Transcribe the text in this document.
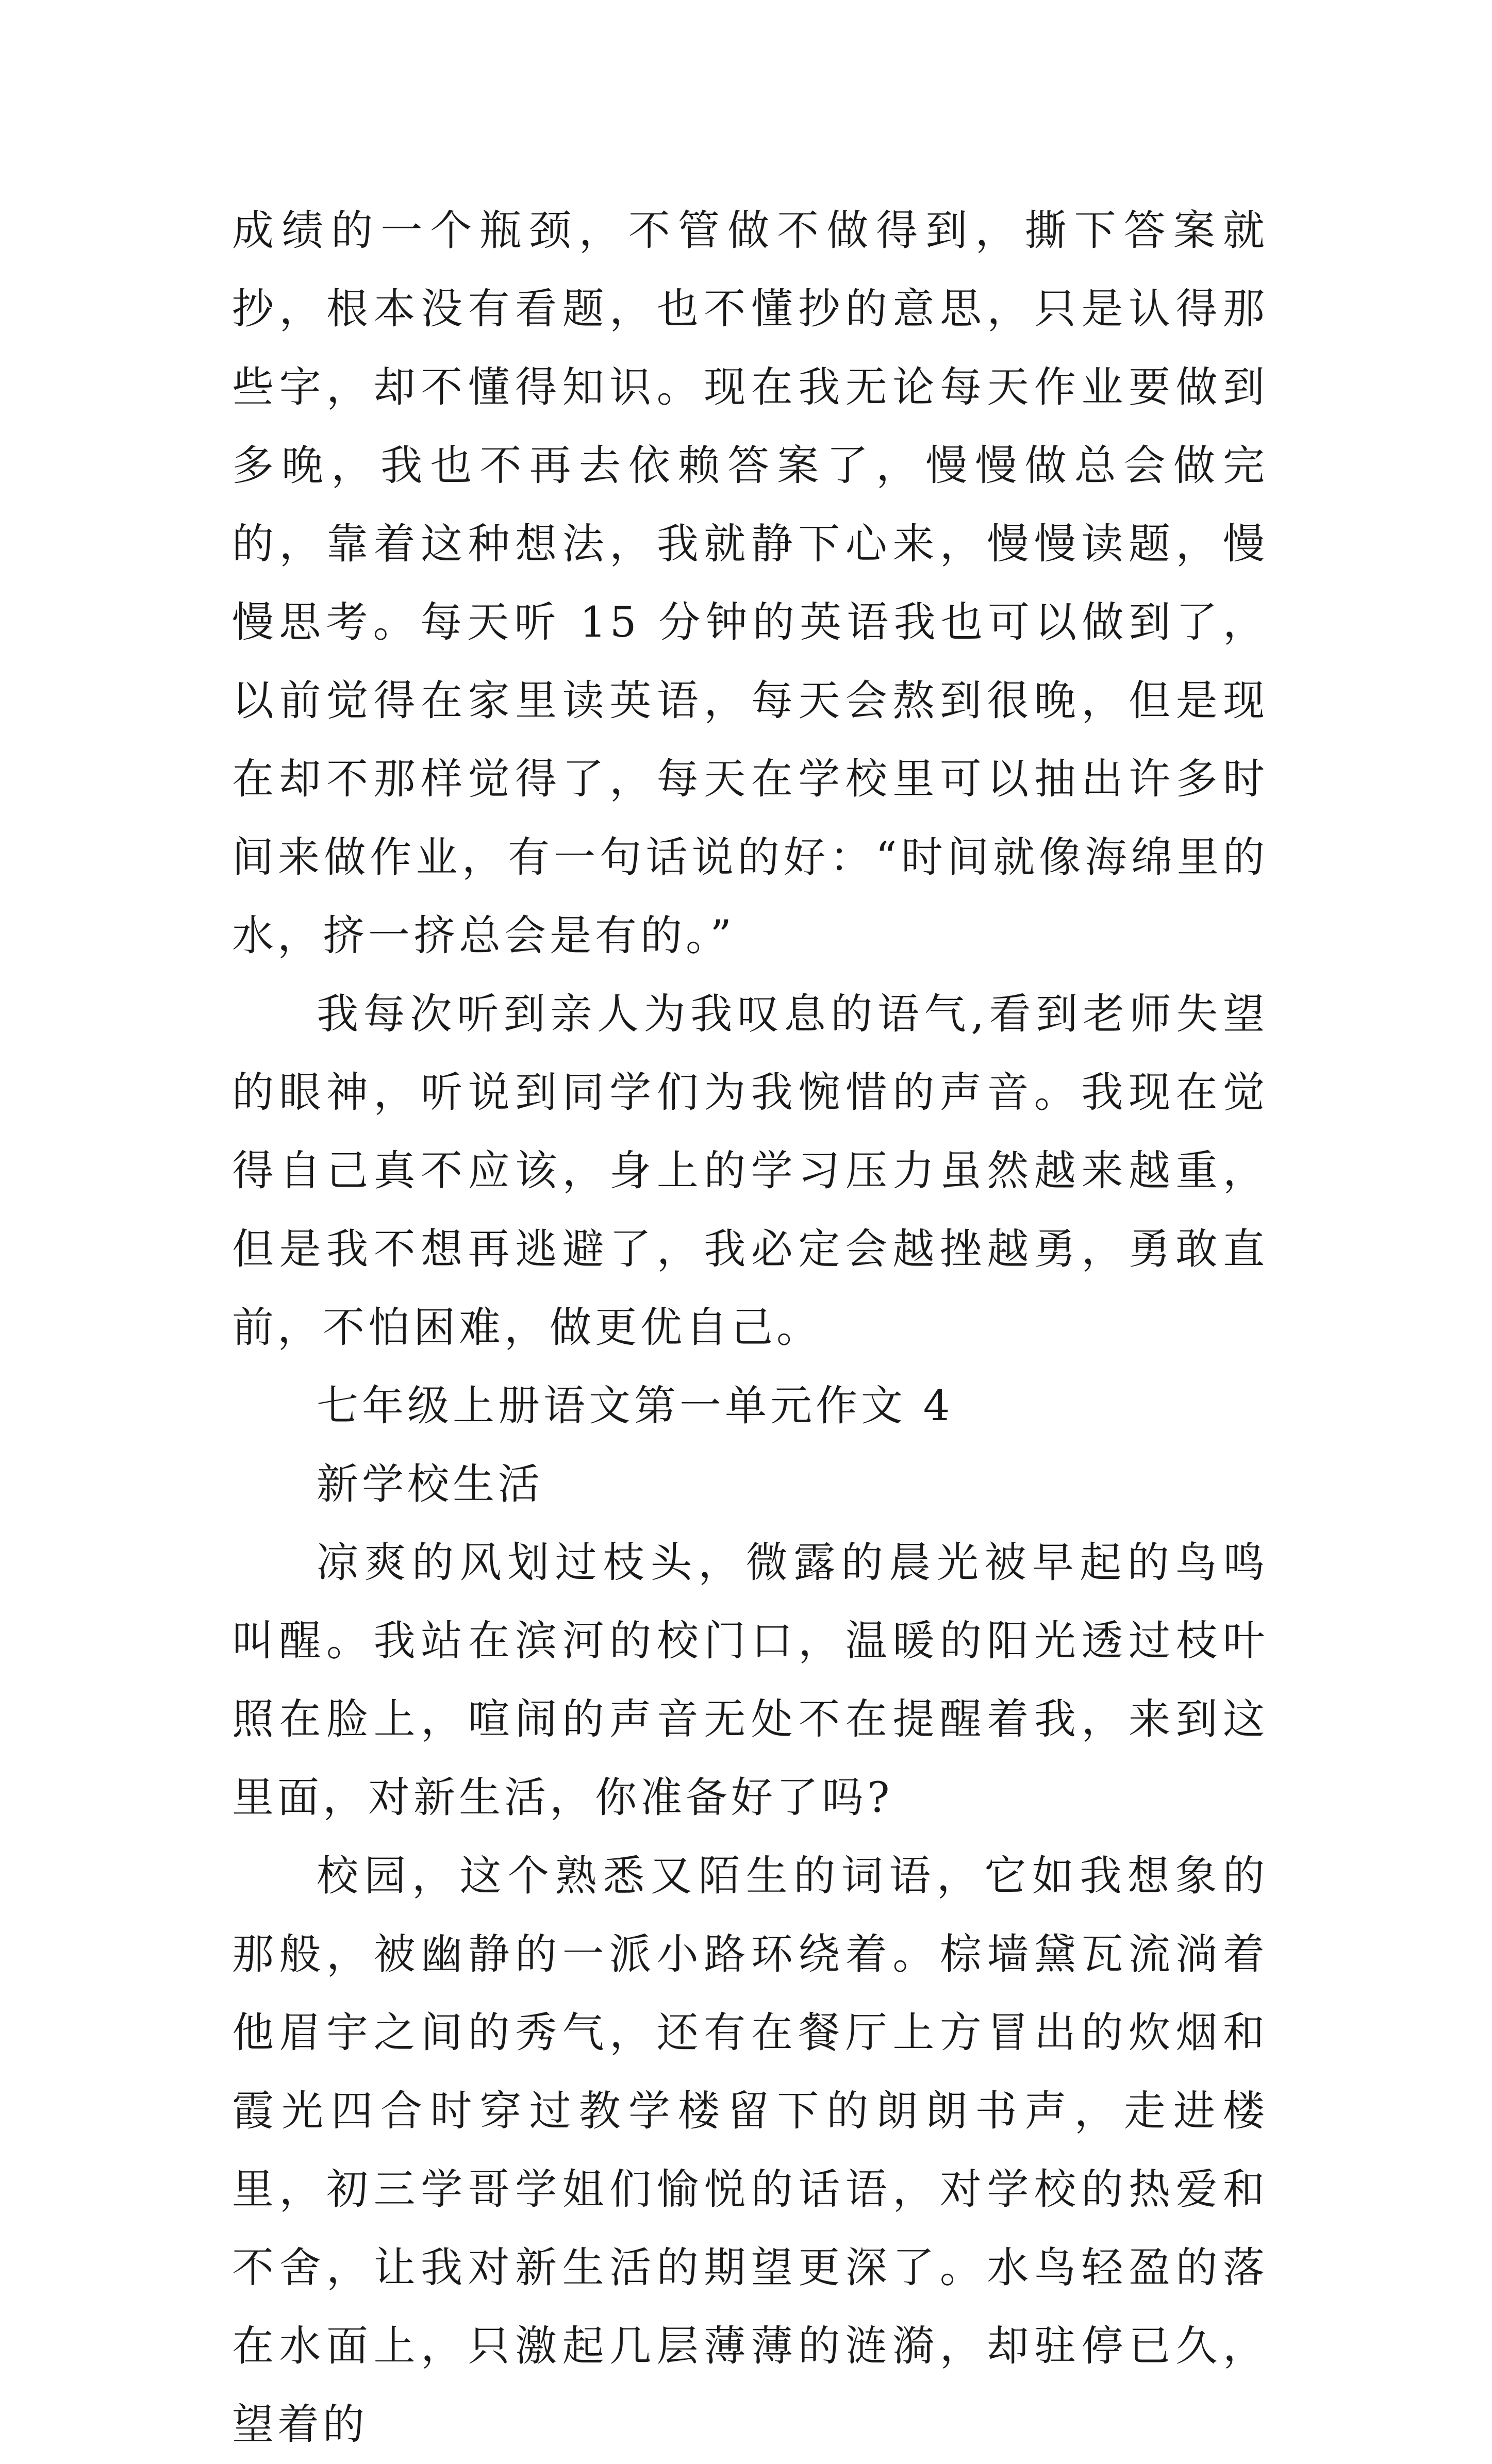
成绩的一个瓶颈，不管做不做得到，撕下答案就抄，根本没有看题，也不懂抄的意思，只是认得那些字，却不懂得知识。现在我无论每天作业要做到多晚，我也不再去依赖答案了，慢慢做总会做完的，靠着这种想法，我就静下心来，慢慢读题，慢慢思考。每天听 15 分钟的英语我也可以做到了，以前觉得在家里读英语，每天会熬到很晚，但是现在却不那样觉得了，每天在学校里可以抽出许多时间来做作业，有一句话说的好：“时间就像海绵里的水，挤一挤总会是有的。”

我每次听到亲人为我叹息的语气,看到老师失望的眼神，听说到同学们为我惋惜的声音。我现在觉得自己真不应该，身上的学习压力虽然越来越重，但是我不想再逃避了，我必定会越挫越勇，勇敢直前，不怕困难，做更优自己。

七年级上册语文第一单元作文 4

新学校生活

凉爽的风划过枝头，微露的晨光被早起的鸟鸣叫醒。我站在滨河的校门口，温暖的阳光透过枝叶照在脸上，喧闹的声音无处不在提醒着我，来到这里面，对新生活，你准备好了吗?

校园，这个熟悉又陌生的词语，它如我想象的那般，被幽静的一派小路环绕着。棕墙黛瓦流淌着他眉宇之间的秀气，还有在餐厅上方冒出的炊烟和霞光四合时穿过教学楼留下的朗朗书声，走进楼里，初三学哥学姐们愉悦的话语，对学校的热爱和不舍，让我对新生活的期望更深了。水鸟轻盈的落在水面上，只激起几层薄薄的涟漪，却驻停已久，望着的
